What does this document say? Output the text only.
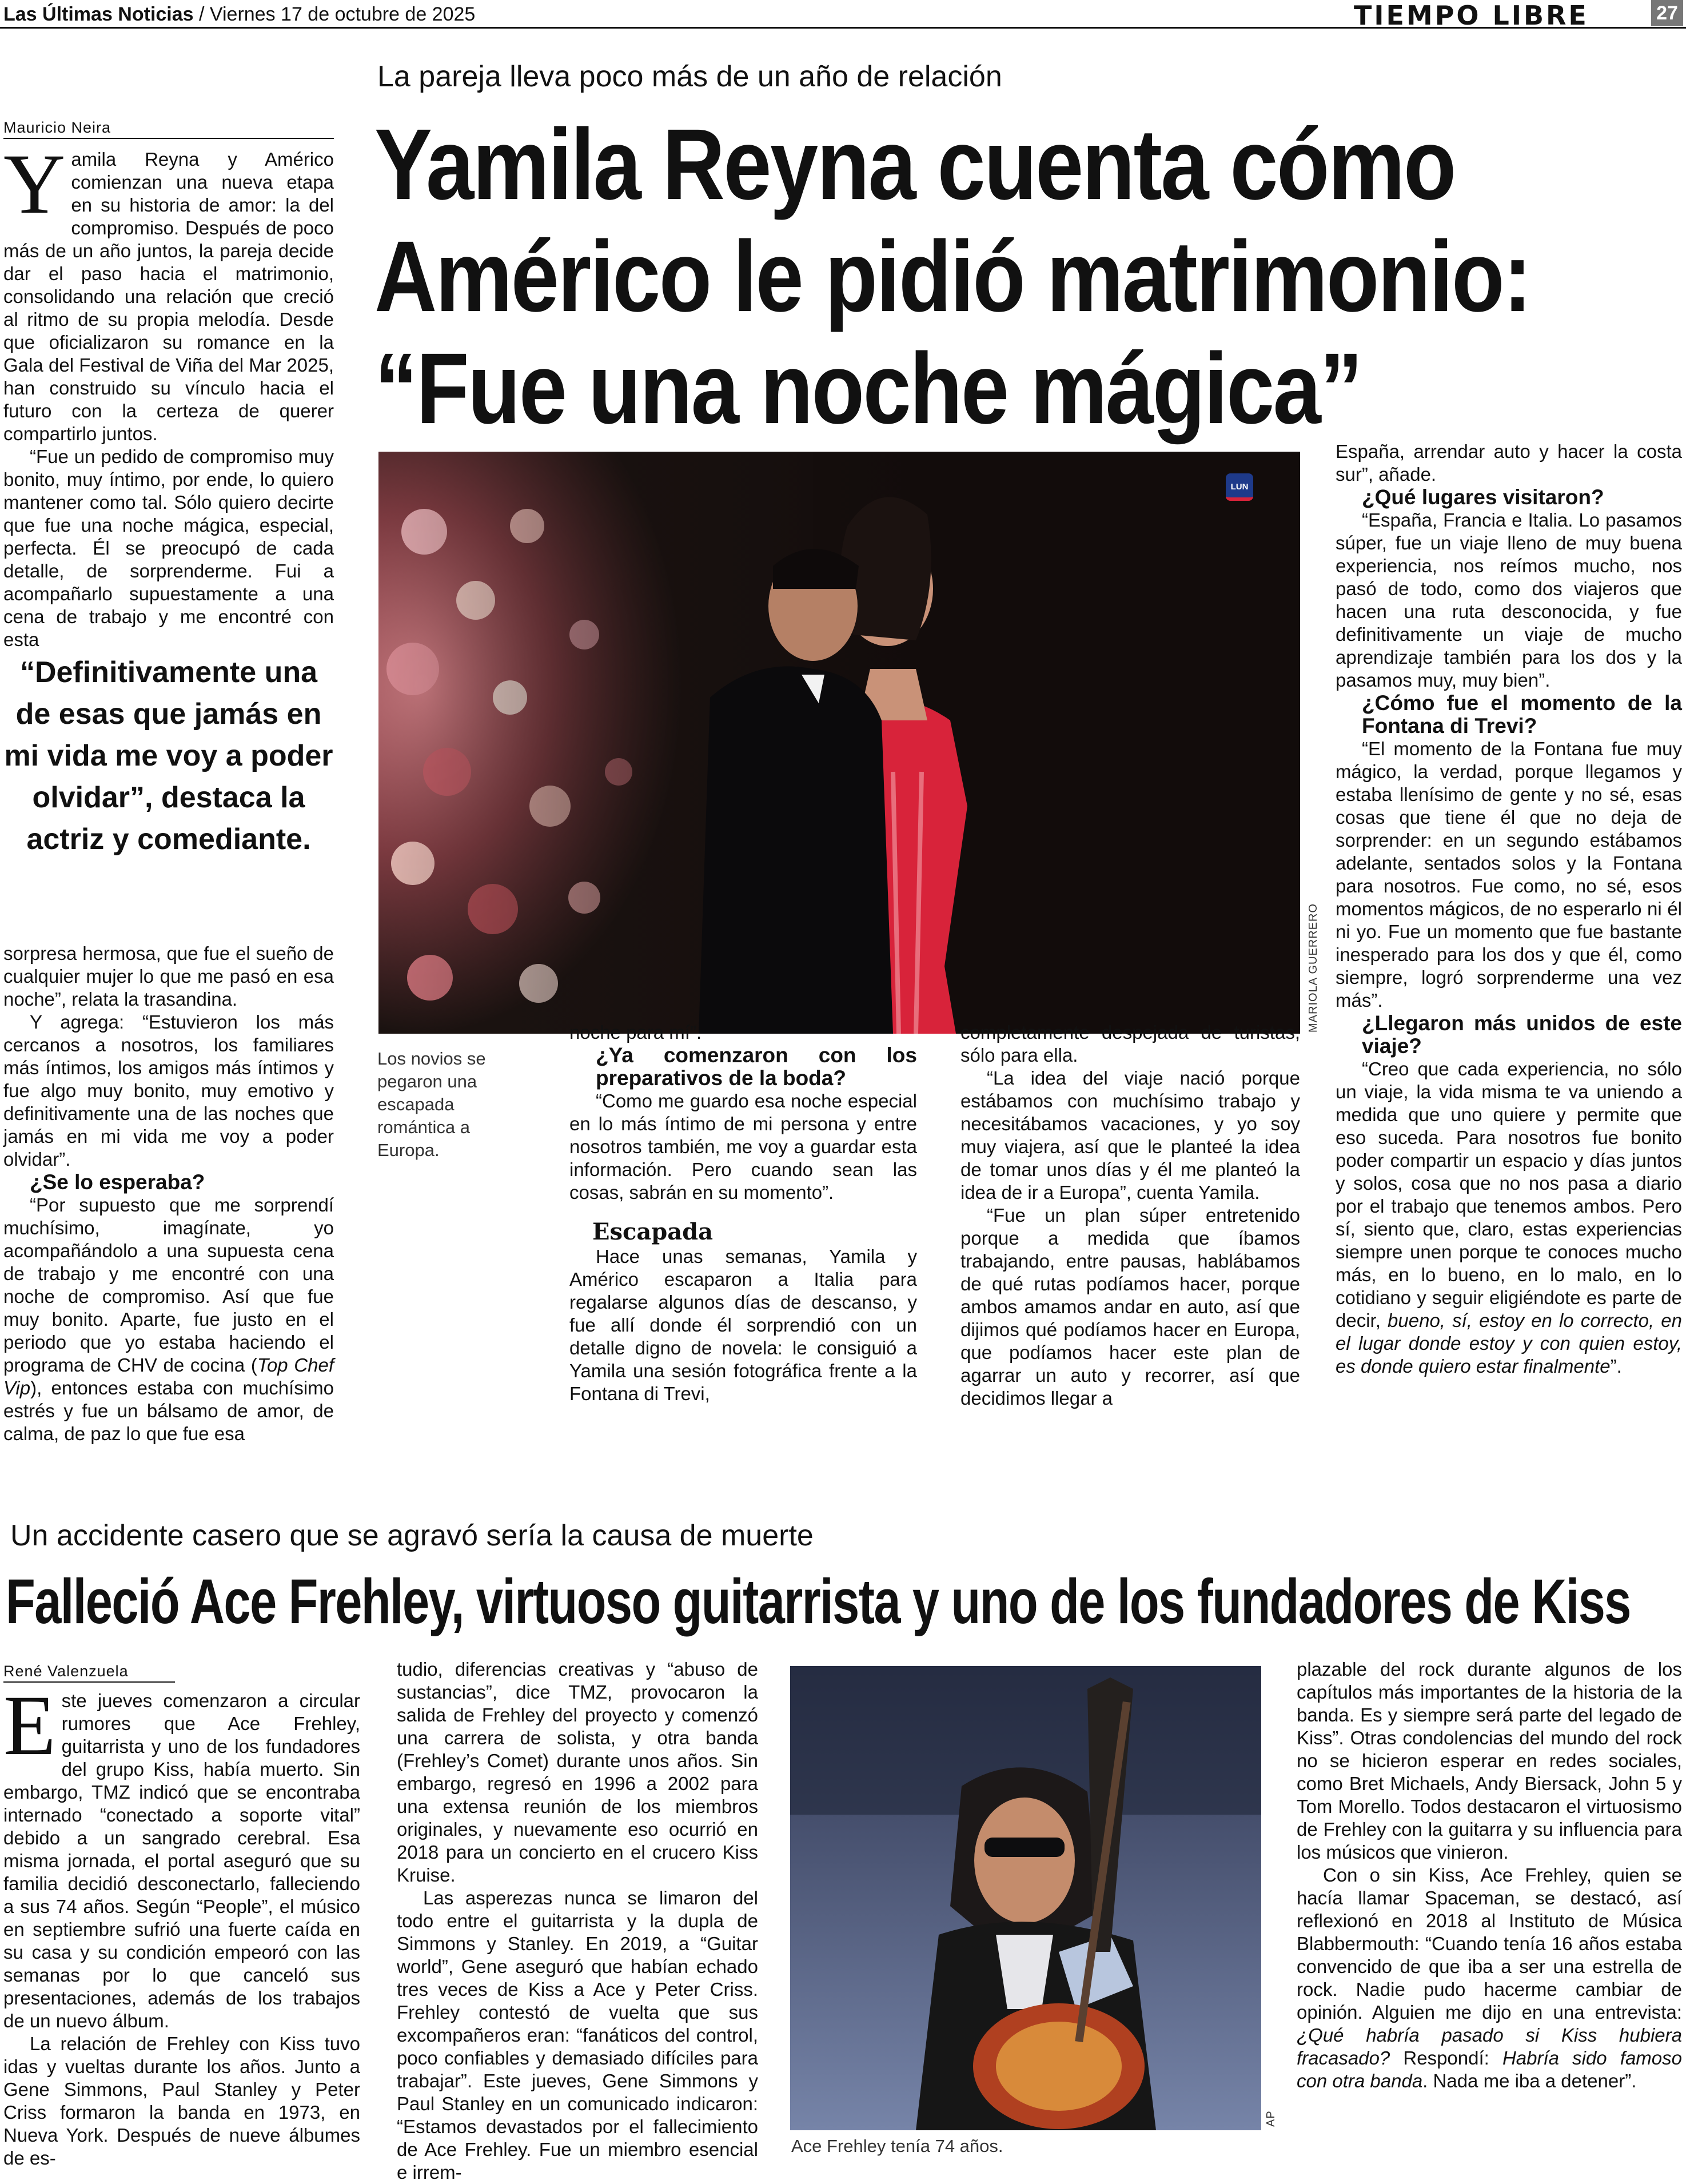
Las Últimas Noticias / Viernes 17 de octubre de 2025	TIEMPO LIBRE	27
La pareja lleva poco más de un año de relación
Yamila Reyna cuenta cómo
Américo le pidió matrimonio:
“Fue una noche mágica”
Mauricio Neira

Yamila Reyna y Américo comienzan una nueva etapa en su historia de amor: la del compromiso. Después de poco más de un año juntos, la pareja decide dar el paso hacia el matrimonio, consolidando una relación que creció al ritmo de su propia melodía. Desde que oficializaron su romance en la Gala del Festival de Viña del Mar 2025, han construido su vínculo hacia el futuro con la certeza de querer compartirlo juntos.

“Fue un pedido de compromiso muy bonito, muy íntimo, por ende, lo quiero mantener como tal. Sólo quiero decirte que fue una noche mágica, especial, perfecta. Él se preocupó de cada detalle, de sorprenderme. Fui a acompañarlo supuestamente a una cena de trabajo y me encontré con esta

“Definitivamente una de esas que jamás en mi vida me voy a poder olvidar”, destaca la actriz y comediante.

sorpresa hermosa, que fue el sueño de cualquier mujer lo que me pasó en esa noche”, relata la trasandina.

Y agrega: “Estuvieron los más cercanos a nosotros, los familiares más íntimos, los amigos más íntimos y fue algo muy bonito, muy emotivo y definitivamente una de las noches que jamás en mi vida me voy a poder olvidar”.

¿Se lo esperaba?

“Por supuesto que me sorprendí muchísimo, imagínate, yo acompañándolo a una supuesta cena de trabajo y me encontré con una noche de compromiso. Así que fue muy bonito. Aparte, fue justo en el periodo que yo estaba haciendo el programa de CHV de cocina (Top Chef Vip), entonces estaba con muchísimo estrés y fue un bálsamo de amor, de calma, de paz lo que fue esa

LUN
MARIOLA GUERRERO
Los novios se pegaron una escapada romántica a Europa.

noche para mí”.

¿Ya comenzaron con los preparativos de la boda?

“Como me guardo esa noche especial en lo más íntimo de mi persona y entre nosotros también, me voy a guardar esta información. Pero cuando sean las cosas, sabrán en su momento”.

Escapada

Hace unas semanas, Yamila y Américo escaparon a Italia para regalarse algunos días de descanso, y fue allí donde él sorprendió con un detalle digno de novela: le consiguió a Yamila una sesión fotográfica frente a la Fontana di Trevi,

completamente despejada de turistas, sólo para ella.

“La idea del viaje nació porque estábamos con muchísimo trabajo y necesitábamos vacaciones, y yo soy muy viajera, así que le planteé la idea de tomar unos días y él me planteó la idea de ir a Europa”, cuenta Yamila.

“Fue un plan súper entretenido porque a medida que íbamos trabajando, entre pausas, hablábamos de qué rutas podíamos hacer, porque ambos amamos andar en auto, así que dijimos qué podíamos hacer en Europa, que podíamos hacer este plan de agarrar un auto y recorrer, así que decidimos llegar a

España, arrendar auto y hacer la costa sur”, añade.

¿Qué lugares visitaron?

“España, Francia e Italia. Lo pasamos súper, fue un viaje lleno de muy buena experiencia, nos reímos mucho, nos pasó de todo, como dos viajeros que hacen una ruta desconocida, y fue definitivamente un viaje de mucho aprendizaje también para los dos y la pasamos muy, muy bien”.

¿Cómo fue el momento de la Fontana di Trevi?

“El momento de la Fontana fue muy mágico, la verdad, porque llegamos y estaba llenísimo de gente y no sé, esas cosas que tiene él que no deja de sorprender: en un segundo estábamos adelante, sentados solos y la Fontana para nosotros. Fue como, no sé, esos momentos mágicos, de no esperarlo ni él ni yo. Fue un momento que fue bastante inesperado para los dos y que él, como siempre, logró sorprenderme una vez más”.

¿Llegaron más unidos de este viaje?

“Creo que cada experiencia, no sólo un viaje, la vida misma te va uniendo a medida que uno quiere y permite que eso suceda. Para nosotros fue bonito poder compartir un espacio y días juntos y solos, cosa que no nos pasa a diario por el trabajo que tenemos ambos. Pero sí, siento que, claro, estas experiencias siempre unen porque te conoces mucho más, en lo bueno, en lo malo, en lo cotidiano y seguir eligiéndote es parte de decir, bueno, sí, estoy en lo correcto, en el lugar donde estoy y con quien estoy, es donde quiero estar finalmente”.

Un accidente casero que se agravó sería la causa de muerte
Falleció Ace Frehley, virtuoso guitarrista y uno de los fundadores de Kiss
René Valenzuela

Este jueves comenzaron a circular rumores que Ace Frehley, guitarrista y uno de los fundadores del grupo Kiss, había muerto. Sin embargo, TMZ indicó que se encontraba internado “conectado a soporte vital” debido a un sangrado cerebral. Esa misma jornada, el portal aseguró que su familia decidió desconectarlo, falleciendo a sus 74 años. Según “People”, el músico en septiembre sufrió una fuerte caída en su casa y su condición empeoró con las semanas por lo que canceló sus presentaciones, además de los trabajos de un nuevo álbum.

La relación de Frehley con Kiss tuvo idas y vueltas durante los años. Junto a Gene Simmons, Paul Stanley y Peter Criss formaron la banda en 1973, en Nueva York. Después de nueve álbumes de es-

tudio, diferencias creativas y “abuso de sustancias”, dice TMZ, provocaron la salida de Frehley del proyecto y comenzó una carrera de solista, y otra banda (Frehley’s Comet) durante unos años. Sin embargo, regresó en 1996 a 2002 para una extensa reunión de los miembros originales, y nuevamente eso ocurrió en 2018 para un concierto en el crucero Kiss Kruise.

Las asperezas nunca se limaron del todo entre el guitarrista y la dupla de Simmons y Stanley. En 2019, a “Guitar world”, Gene aseguró que habían echado tres veces de Kiss a Ace y Peter Criss. Frehley contestó de vuelta que sus excompañeros eran: “fanáticos del control, poco confiables y demasiado difíciles para trabajar”. Este jueves, Gene Simmons y Paul Stanley en un comunicado indicaron: “Estamos devastados por el fallecimiento de Ace Frehley. Fue un miembro esencial e irrem-

AP
Ace Frehley tenía 74 años.

plazable del rock durante algunos de los capítulos más importantes de la historia de la banda. Es y siempre será parte del legado de Kiss”. Otras condolencias del mundo del rock no se hicieron esperar en redes sociales, como Bret Michaels, Andy Biersack, John 5 y Tom Morello. Todos destacaron el virtuosismo de Frehley con la guitarra y su influencia para los músicos que vinieron.

Con o sin Kiss, Ace Frehley, quien se hacía llamar Spaceman, se destacó, así reflexionó en 2018 al Instituto de Música Blabbermouth: “Cuando tenía 16 años estaba convencido de que iba a ser una estrella de rock. Nadie pudo hacerme cambiar de opinión. Alguien me dijo en una entrevista: ¿Qué habría pasado si Kiss hubiera fracasado? Respondí: Habría sido famoso con otra banda. Nada me iba a detener”.
